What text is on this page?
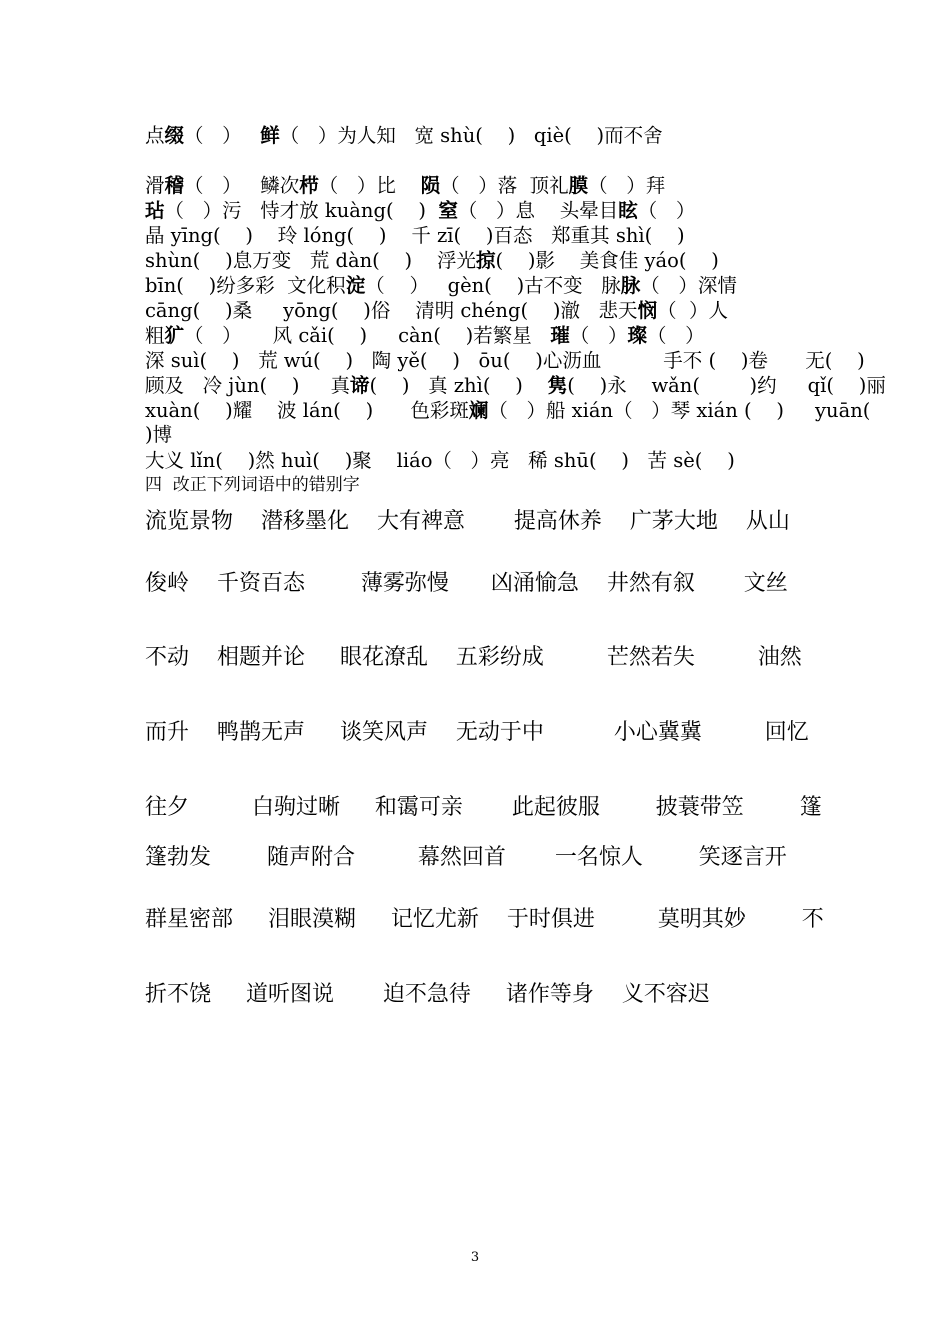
点缀（   ）   鲜（   ）为人知   宽 shù(    )   qiè(    )而不舍
滑稽（   ）   鳞次栉（   ）比    陨（   ）落  顶礼膜（   ）拜
玷（   ）污   恃才放 kuàng(    )  窒（   ）息    头晕目眩（   ）
晶 yīng(    )    玲 lóng(    )    千 zī(    )百态   郑重其 shì(    )
shùn(    )息万变   荒 dàn(    )    浮光掠(    )影    美食佳 yáo(    )
bīn(    )纷多彩  文化积淀（    ）   gèn(    )古不变   脉脉（   ）深情
cāng(    )桑     yōng(    )俗    清明 chéng(    )澈   悲天悯（  ）人
粗犷（   ）     风 cǎi(    )     càn(    )若繁星   璀（   ）璨（   ）
深 suì(    )   荒 wú(    )   陶 yě(    )   ōu(    )心沥血          手不 (    )卷      无(    )
顾及   冷 jùn(    )     真谛(    )   真 zhì(    )    隽(    )永    wǎn(        )约     qǐ(    )丽
xuàn(    )耀    波 lán(    )      色彩斑斓（   ）船 xián（   ）琴 xián (    )     yuān(
)博
大义 lǐn(    )然 huì(    )聚    liáo（   ）亮   稀 shū(    )   苦 sè(    )
四  改正下列词语中的错别字
流览景物    潜移墨化    大有裨意       提高休养    广茅大地    从山
俊岭    千资百态        薄雾弥慢      凶涌愉急    井然有叙       文丝
不动    相题并论     眼花潦乱    五彩纷成         芒然若失         油然
而升    鸭鹊无声     谈笑风声    无动于中          小心冀冀         回忆
往夕         白驹过晰     和霭可亲       此起彼服        披蓑带笠        篷
篷勃发        随声附合         幕然回首       一名惊人        笑逐言开
群星密部     泪眼漠糊     记忆尤新    于时俱进         莫明其妙        不
折不饶     道听图说       迫不急待     诸作等身    义不容迟
3
